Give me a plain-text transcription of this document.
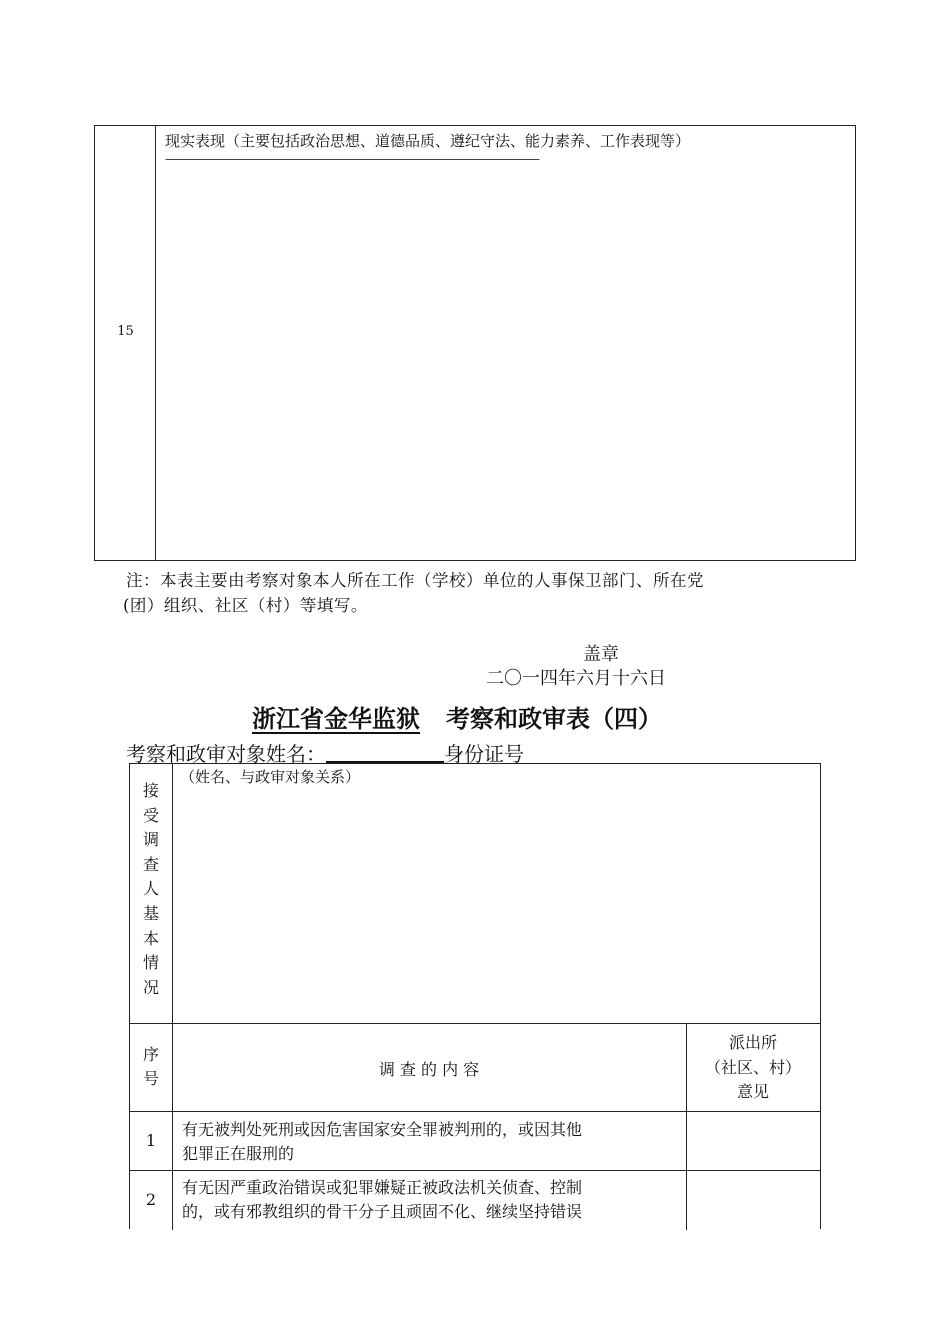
15
现实表现（主要包括政治思想、道德品质、遵纪守法、能力素养、工作表现等）
——————————————————————————————————
注：本表主要由考察对象本人所在工作（学校）单位的人事保卫部门、所在党
(团）组织、社区（村）等填写。
盖章
二〇一四年六月十六日
浙江省金华监狱 考察和政审表（四）
考察和政审对象姓名：	身份证号
接
受
调
查
人
基
本
情
况
（姓名、与政审对象关系）
序
号	调 查 的 内 容
派出所
（社区、村）
意见
1
有无被判处死刑或因危害国家安全罪被判刑的，或因其他
犯罪正在服刑的
2
有无因严重政治错误或犯罪嫌疑正被政法机关侦查、控制
的，或有邪教组织的骨干分子且顽固不化、继续坚持错误
